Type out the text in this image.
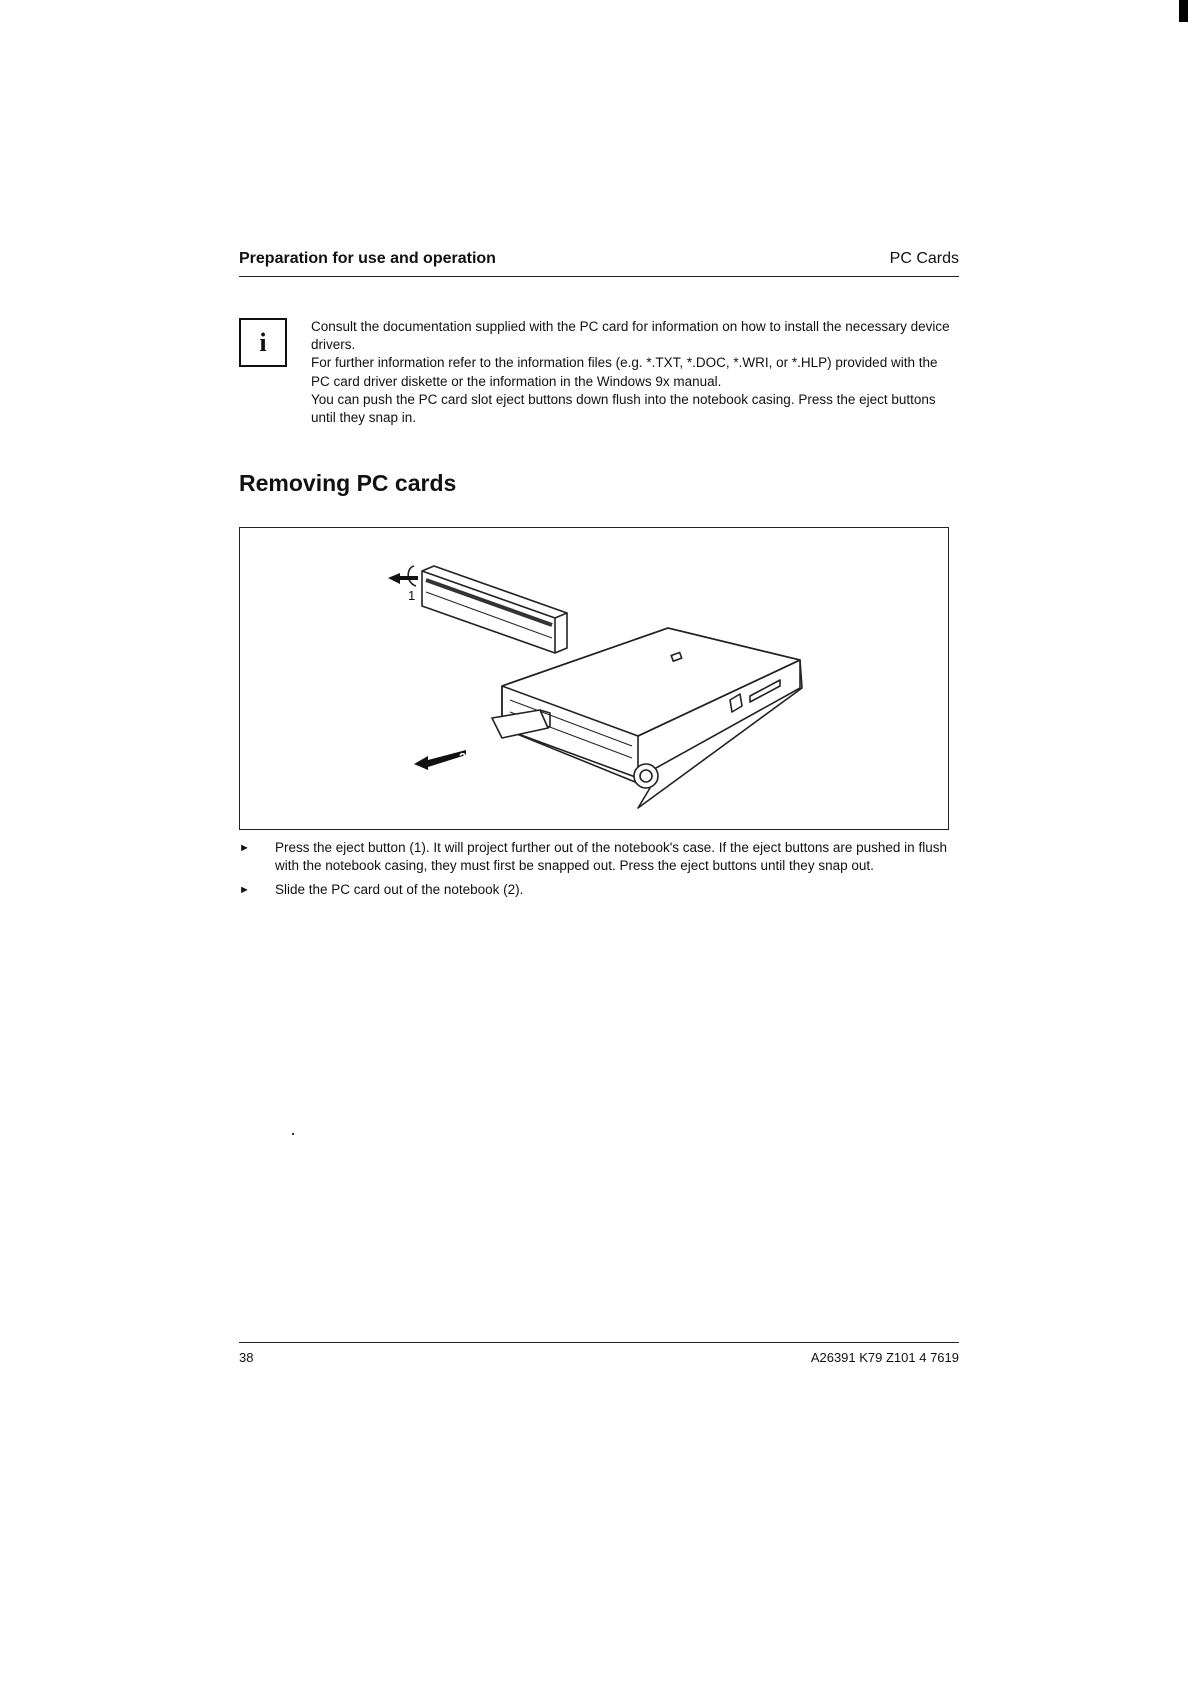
Preparation for use and operation	PC Cards
i

Consult the documentation supplied with the PC card for information on how to install the necessary device drivers.

For further information refer to the information files (e.g. *.TXT, *.DOC, *.WRI, or *.HLP) provided with the PC card driver diskette or the information in the Windows 9x manual.

You can push the PC card slot eject buttons down flush into the notebook casing. Press the eject buttons until they snap in.

Removing PC cards
1
2
► Press the eject button (1). It will project further out of the notebook's case. If the eject buttons are pushed in flush with the notebook casing, they must first be snapped out. Press the eject buttons until they snap out.
► Slide the PC card out of the notebook (2).
38	A26391 K79 Z101 4 7619
